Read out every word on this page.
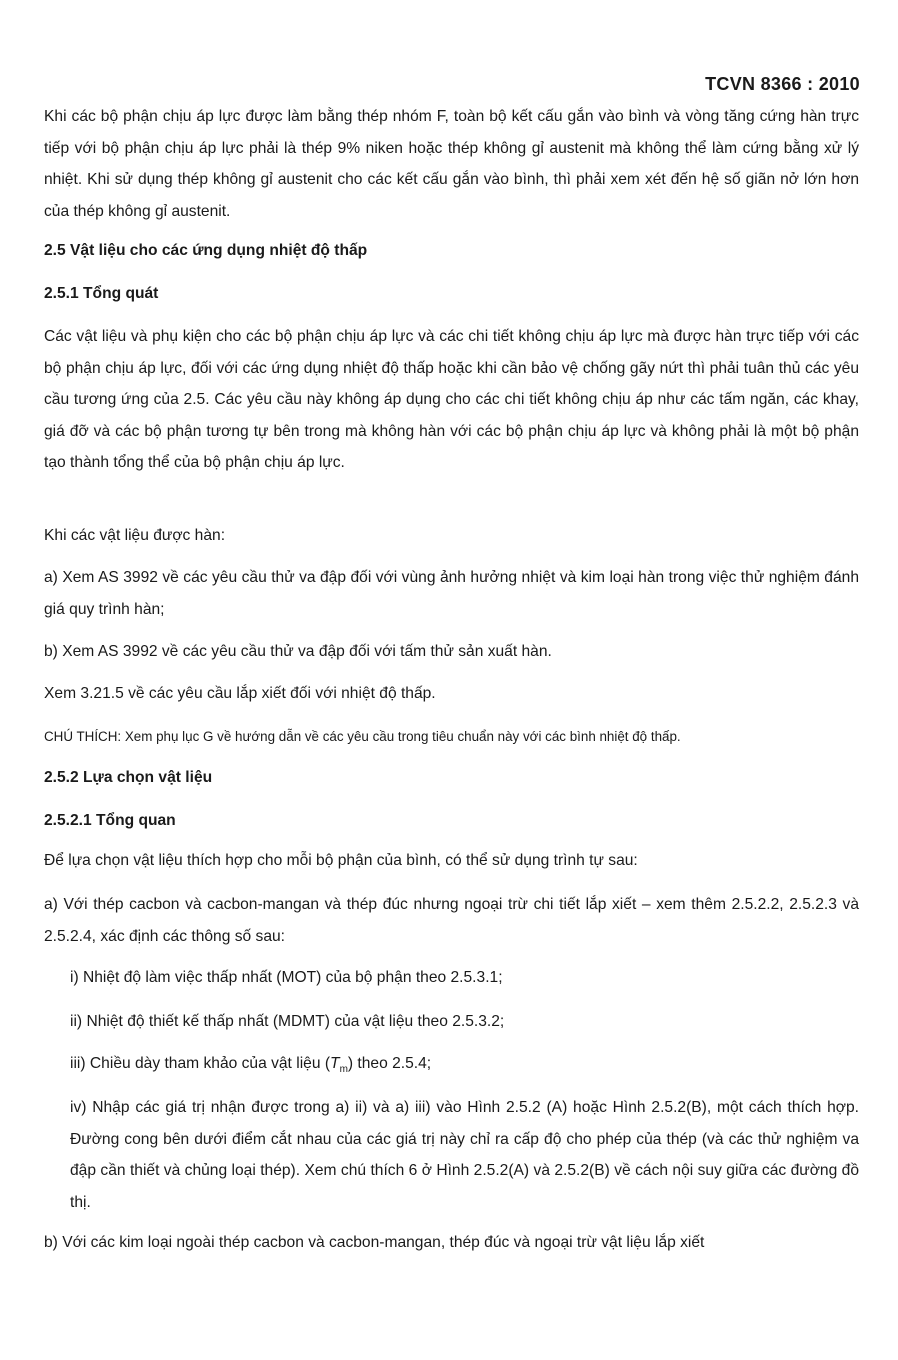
TCVN 8366 : 2010

Khi các bộ phận chịu áp lực được làm bằng thép nhóm F, toàn bộ kết cấu gắn vào bình và vòng tăng cứng hàn trực tiếp với bộ phận chịu áp lực phải là thép 9% niken hoặc thép không gỉ austenit mà không thể làm cứng bằng xử lý nhiệt. Khi sử dụng thép không gỉ austenit cho các kết cấu gắn vào bình, thì phải xem xét đến hệ số giãn nở lớn hơn của thép không gỉ austenit.

2.5 Vật liệu cho các ứng dụng nhiệt độ thấp
2.5.1 Tổng quát

Các vật liệu và phụ kiện cho các bộ phận chịu áp lực và các chi tiết không chịu áp lực mà được hàn trực tiếp với các bộ phận chịu áp lực, đối với các ứng dụng nhiệt độ thấp hoặc khi cần bảo vệ chống gãy nứt thì phải tuân thủ các yêu cầu tương ứng của 2.5. Các yêu cầu này không áp dụng cho các chi tiết không chịu áp như các tấm ngăn, các khay, giá đỡ và các bộ phận tương tự bên trong mà không hàn với các bộ phận chịu áp lực và không phải là một bộ phận tạo thành tổng thể của bộ phận chịu áp lực.

Khi các vật liệu được hàn:

a) Xem AS 3992 về các yêu cầu thử va đập đối với vùng ảnh hưởng nhiệt và kim loại hàn trong việc thử nghiệm đánh giá quy trình hàn;

b) Xem AS 3992 về các yêu cầu thử va đập đối với tấm thử sản xuất hàn.

Xem 3.21.5 về các yêu cầu lắp xiết đối với nhiệt độ thấp.

CHÚ THÍCH: Xem phụ lục G về hướng dẫn về các yêu cầu trong tiêu chuẩn này với các bình nhiệt độ thấp.

2.5.2 Lựa chọn vật liệu
2.5.2.1 Tổng quan

Để lựa chọn vật liệu thích hợp cho mỗi bộ phận của bình, có thể sử dụng trình tự sau:

a) Với thép cacbon và cacbon-mangan và thép đúc nhưng ngoại trừ chi tiết lắp xiết – xem thêm 2.5.2.2, 2.5.2.3 và 2.5.2.4, xác định các thông số sau:

i) Nhiệt độ làm việc thấp nhất (MOT) của bộ phận theo 2.5.3.1;

ii) Nhiệt độ thiết kế thấp nhất (MDMT) của vật liệu theo 2.5.3.2;

iii) Chiều dày tham khảo của vật liệu $(T_m)$ theo 2.5.4;

iv) Nhập các giá trị nhận được trong a) ii) và a) iii) vào Hình 2.5.2 (A) hoặc Hình 2.5.2(B), một cách thích hợp. Đường cong bên dưới điểm cắt nhau của các giá trị này chỉ ra cấp độ cho phép của thép (và các thử nghiệm va đập cần thiết và chủng loại thép). Xem chú thích 6 ở Hình 2.5.2(A) và 2.5.2(B) về cách nội suy giữa các đường đồ thị.

b) Với các kim loại ngoài thép cacbon và cacbon-mangan, thép đúc và ngoại trừ vật liệu lắp xiết
